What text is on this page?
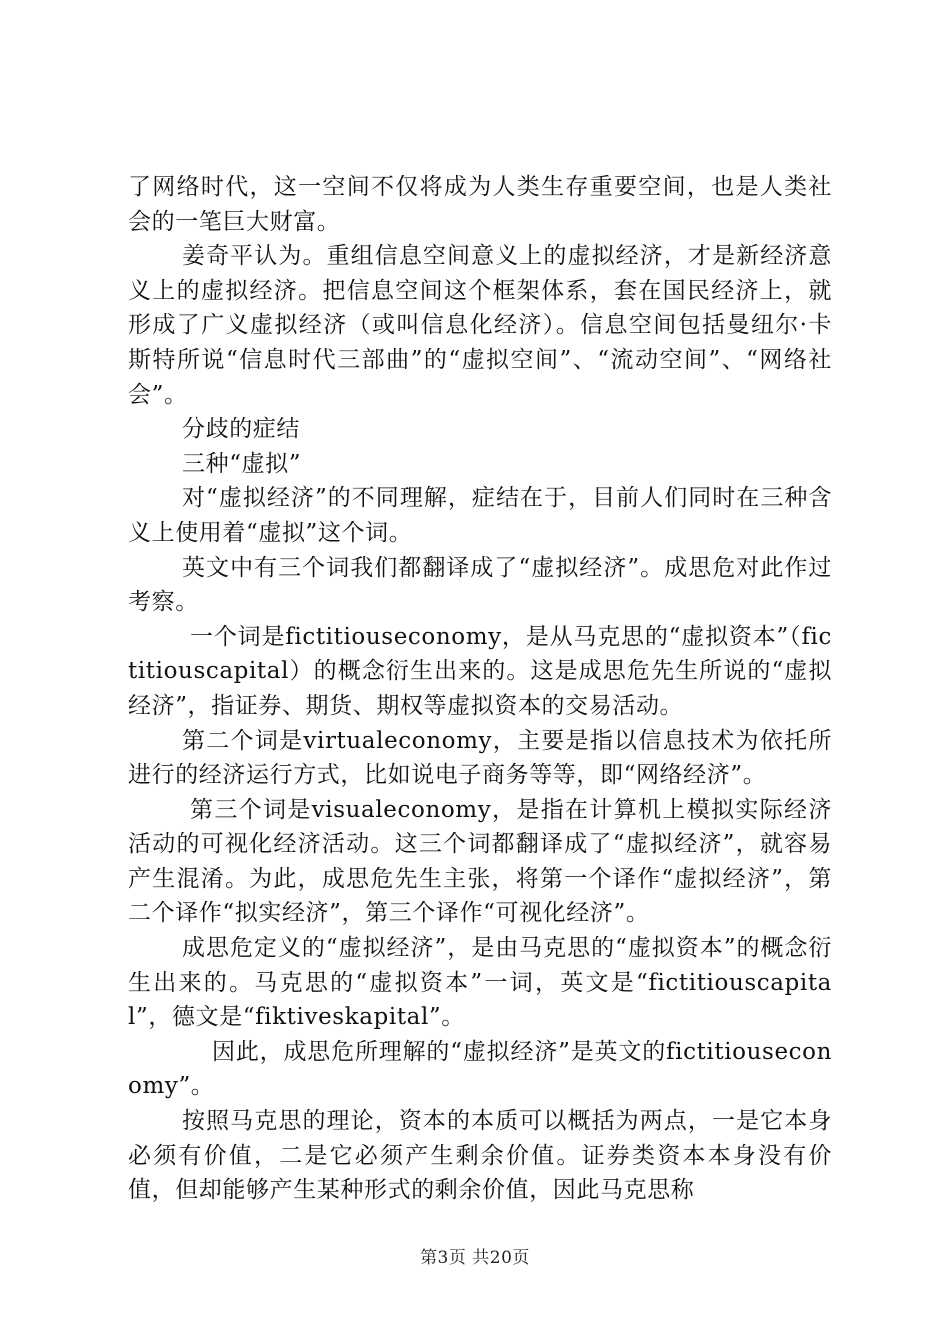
了网络时代，这一空间不仅将成为人类生存重要空间，也是人类社会的一笔巨大财富。

姜奇平认为。重组信息空间意义上的虚拟经济，才是新经济意义上的虚拟经济。把信息空间这个框架体系，套在国民经济上，就形成了广义虚拟经济（或叫信息化经济）。信息空间包括曼纽尔·卡斯特所说“信息时代三部曲”的“虚拟空间”、“流动空间”、“网络社会”。

分歧的症结

三种“虚拟”

对“虚拟经济”的不同理解，症结在于，目前人们同时在三种含义上使用着“虚拟”这个词。

英文中有三个词我们都翻译成了“虚拟经济”。成思危对此作过考察。

一个词是fictitiouseconomy，是从马克思的“虚拟资本”（fictitiouscapital）的概念衍生出来的。这是成思危先生所说的“虚拟经济”，指证券、期货、期权等虚拟资本的交易活动。

第二个词是virtualeconomy，主要是指以信息技术为依托所进行的经济运行方式，比如说电子商务等等，即“网络经济”。

第三个词是visualeconomy，是指在计算机上模拟实际经济活动的可视化经济活动。这三个词都翻译成了“虚拟经济”，就容易产生混淆。为此，成思危先生主张，将第一个译作“虚拟经济”，第二个译作“拟实经济”，第三个译作“可视化经济”。

成思危定义的“虚拟经济”，是由马克思的“虚拟资本”的概念衍生出来的。马克思的“虚拟资本”一词，英文是“fictitiouscapital”，德文是“fiktiveskapital”。

因此，成思危所理解的“虚拟经济”是英文的fictitiouseconomy”。

按照马克思的理论，资本的本质可以概括为两点，一是它本身必须有价值，二是它必须产生剩余价值。证券类资本本身没有价值，但却能够产生某种形式的剩余价值，因此马克思称

第3页 共20页
